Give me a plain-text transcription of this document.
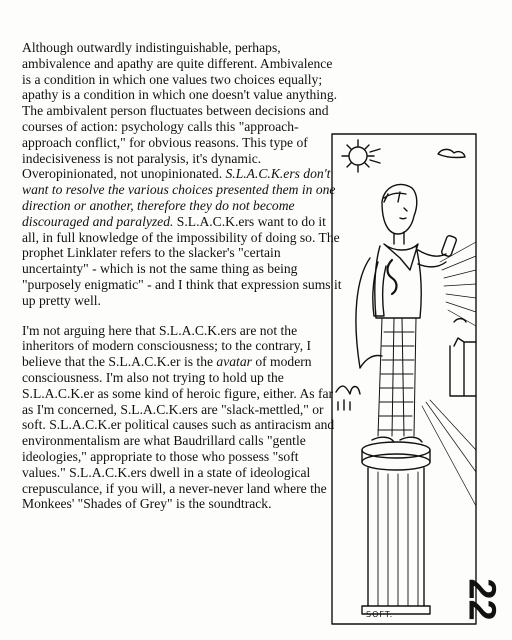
Although outwardly indistinguishable, perhaps, ambivalence and apathy are quite different. Ambivalence is a condition in which one values two choices equally; apathy is a condition in which one doesn't value anything. The ambivalent person fluctuates between decisions and courses of action: psychology calls this "approach-approach conflict," for obvious reasons. This type of indecisiveness is not paralysis, it's dynamic. Overopinionated, not unopinionated. S.L.A.C.K.ers don't want to resolve the various choices presented them in one direction or another, therefore they do not become discouraged and paralyzed. S.L.A.C.K.ers want to do it all, in full knowledge of the impossibility of doing so. The prophet Linklater refers to the slacker's "certain uncertainty" - which is not the same thing as being "purposely enigmatic" - and I think that expression sums it up pretty well.

I'm not arguing here that S.L.A.C.K.ers are not the inheritors of modern consciousness; to the contrary, I believe that the S.L.A.C.K.er is the avatar of modern consciousness. I'm also not trying to hold up the S.L.A.C.K.er as some kind of heroic figure, either. As far as I'm concerned, S.L.A.C.K.ers are "slack-mettled," or soft. S.L.A.C.K.er political causes such as antiracism and environmentalism are what Baudrillard calls "gentle ideologies," appropriate to those who possess "soft values." S.L.A.C.K.ers dwell in a state of ideological crepusculance, if you will, a never-never land where the Monkees' "Shades of Grey" is the soundtrack.

SOFT. 22
